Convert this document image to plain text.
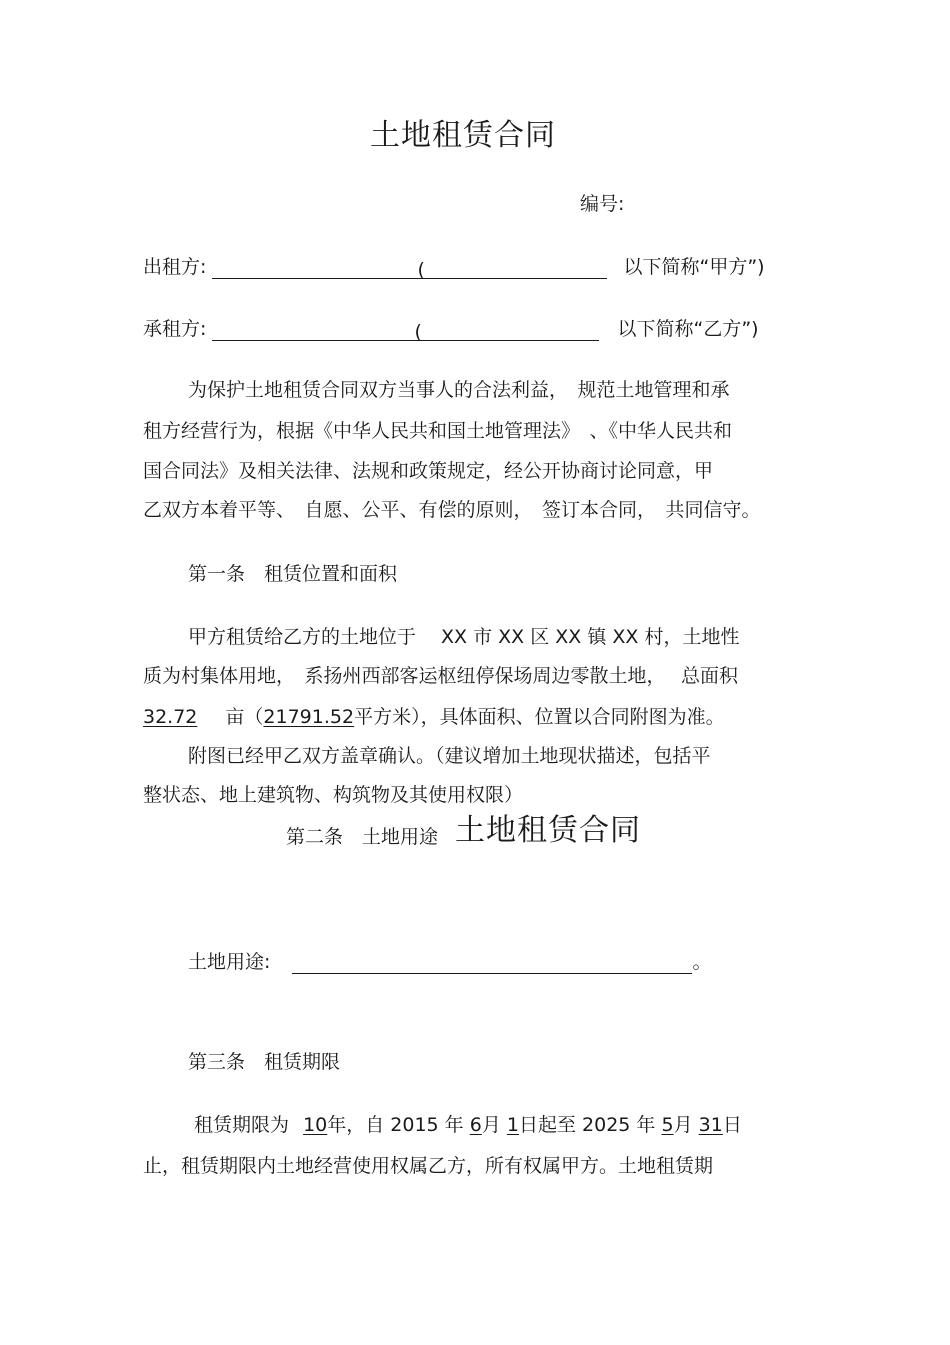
土地租赁合同
编号:
出租方:	(	以下简称“甲方”)
承租方:	(	以下简称“乙方”)
为保护土地租赁合同双方当事人的合法利益，　规范土地管理和承
租方经营行为，根据《中华人民共和国土地管理法》　、《中华人民共和
国合同法》及相关法律、法规和政策规定，经公开协商讨论同意，甲
乙双方本着平等、　自愿、公平、有偿的原则，　签订本合同，　共同信守。
第一条　租赁位置和面积
甲方租赁给乙方的土地位于　 XX 市 XX 区 XX 镇 XX 村，土地性
质为村集体用地，　系扬州西部客运枢纽停保场周边零散土地，　 总面积
32.72 亩（21791.52平方米），具体面积、位置以合同附图为准。
附图已经甲乙双方盖章确认。（建议增加土地现状描述，包括平
整状态、地上建筑物、构筑物及其使用权限）
第二条　土地用途 土地租赁合同
土地用途:	。
第三条　租赁期限
租赁期限为 10年，自 2015 年 6月 1日起至 2025 年 5月 31日
止，租赁期限内土地经营使用权属乙方，所有权属甲方。土地租赁期
